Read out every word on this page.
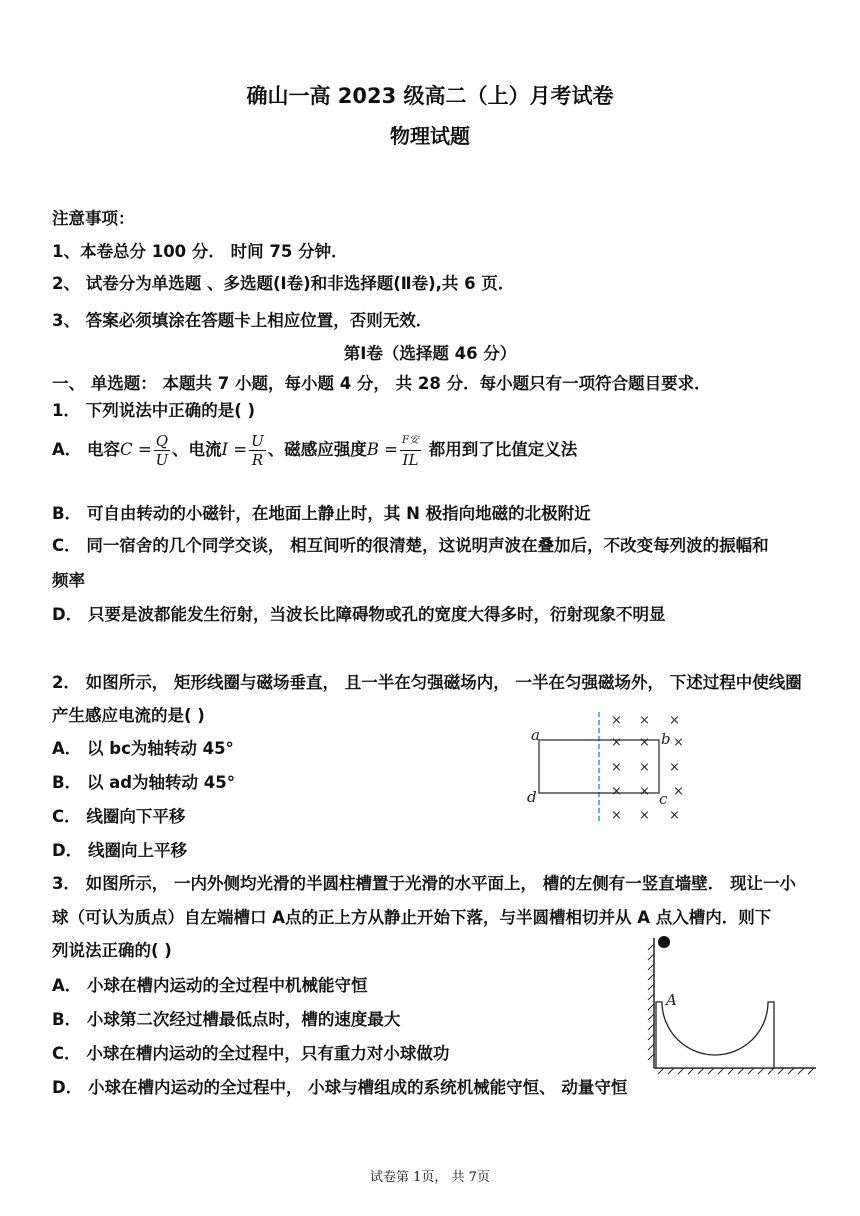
确山一高 2023 级高二（上）月考试卷
物理试题
注意事项：
1、本卷总分 100 分． 时间 75 分钟．
2、 试卷分为单选题 、多选题(Ⅰ卷)和非选择题(Ⅱ卷),共 6 页．
3、 答案必须填涂在答题卡上相应位置，否则无效．
第Ⅰ卷（选择题 46 分）
一、 单选题： 本题共 7 小题，每小题 4 分， 共 28 分．每小题只有一项符合题目要求．
1． 下列说法中正确的是( )
A． 电容$C = \frac{Q}{U}$ 、电流$I = \frac{U}{R}$ 、磁感应强度$B = \frac{\text{F安}}{IL}$ 都用到了比值定义法
B． 可自由转动的小磁针，在地面上静止时，其 N 极指向地磁的北极附近
C． 同一宿舍的几个同学交谈， 相互间听的很清楚，这说明声波在叠加后，不改变每列波的振幅和
频率
D． 只要是波都能发生衍射，当波长比障碍物或孔的宽度大得多时，衍射现象不明显
2． 如图所示， 矩形线圈与磁场垂直， 且一半在匀强磁场内， 一半在匀强磁场外， 下述过程中使线圈
产生感应电流的是( )
A． 以 bc为轴转动 45°
B． 以 ad为轴转动 45°
C． 线圈向下平移
D． 线圈向上平移
× × ×
× × ×
× × ×
× × ×
× × ×
a	b
c
d
3． 如图所示， 一内外侧均光滑的半圆柱槽置于光滑的水平面上， 槽的左侧有一竖直墙壁． 现让一小
球（可认为质点）自左端槽口 A点的正上方从静止开始下落，与半圆槽相切并从 A 点入槽内．则下
列说法正确的( )
A． 小球在槽内运动的全过程中机械能守恒
B． 小球第二次经过槽最低点时，槽的速度最大
C． 小球在槽内运动的全过程中，只有重力对小球做功
D． 小球在槽内运动的全过程中， 小球与槽组成的系统机械能守恒、 动量守恒
A
试卷第 1页， 共 7页
